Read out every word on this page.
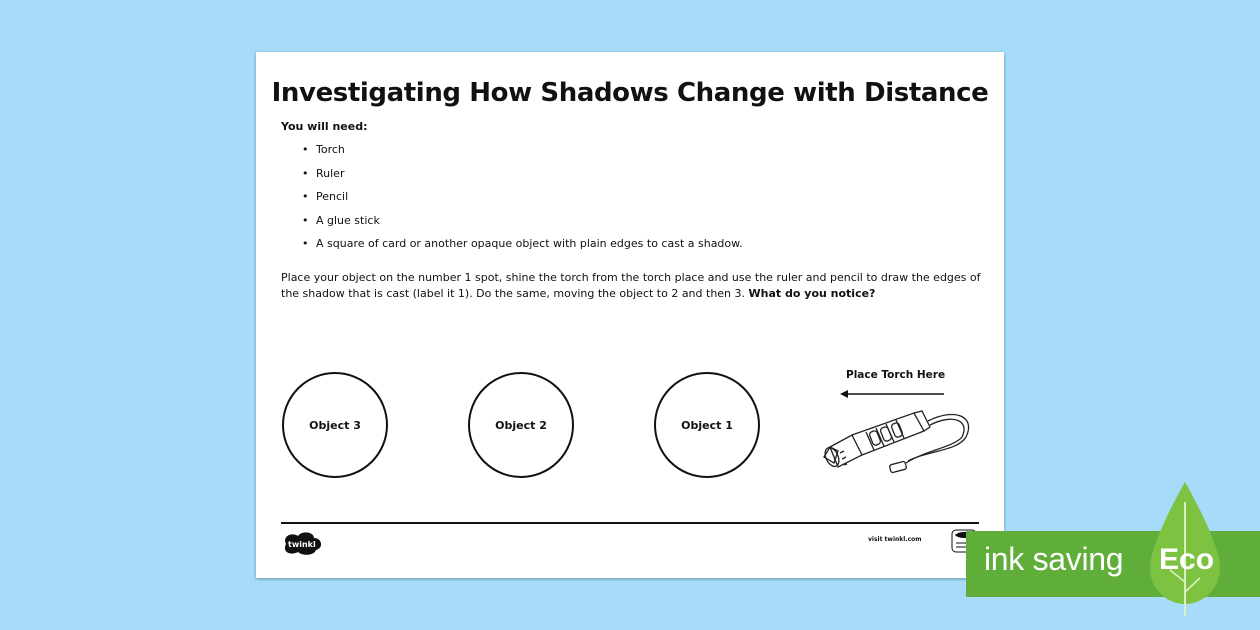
Investigating How Shadows Change with Distance
You will need:
• Torch
• Ruler
• Pencil
• A glue stick
• A square of card or another opaque object with plain edges to cast a shadow.
Place your object on the number 1 spot, shine the torch from the torch place and use the ruler and pencil to draw the edges of the shadow that is cast (label it 1). Do the same, moving the object to 2 and then 3. What do you notice?
Object 3	Object 2	Object 1
Place Torch Here
twinkl
visit twinkl.com
ink saving Eco
